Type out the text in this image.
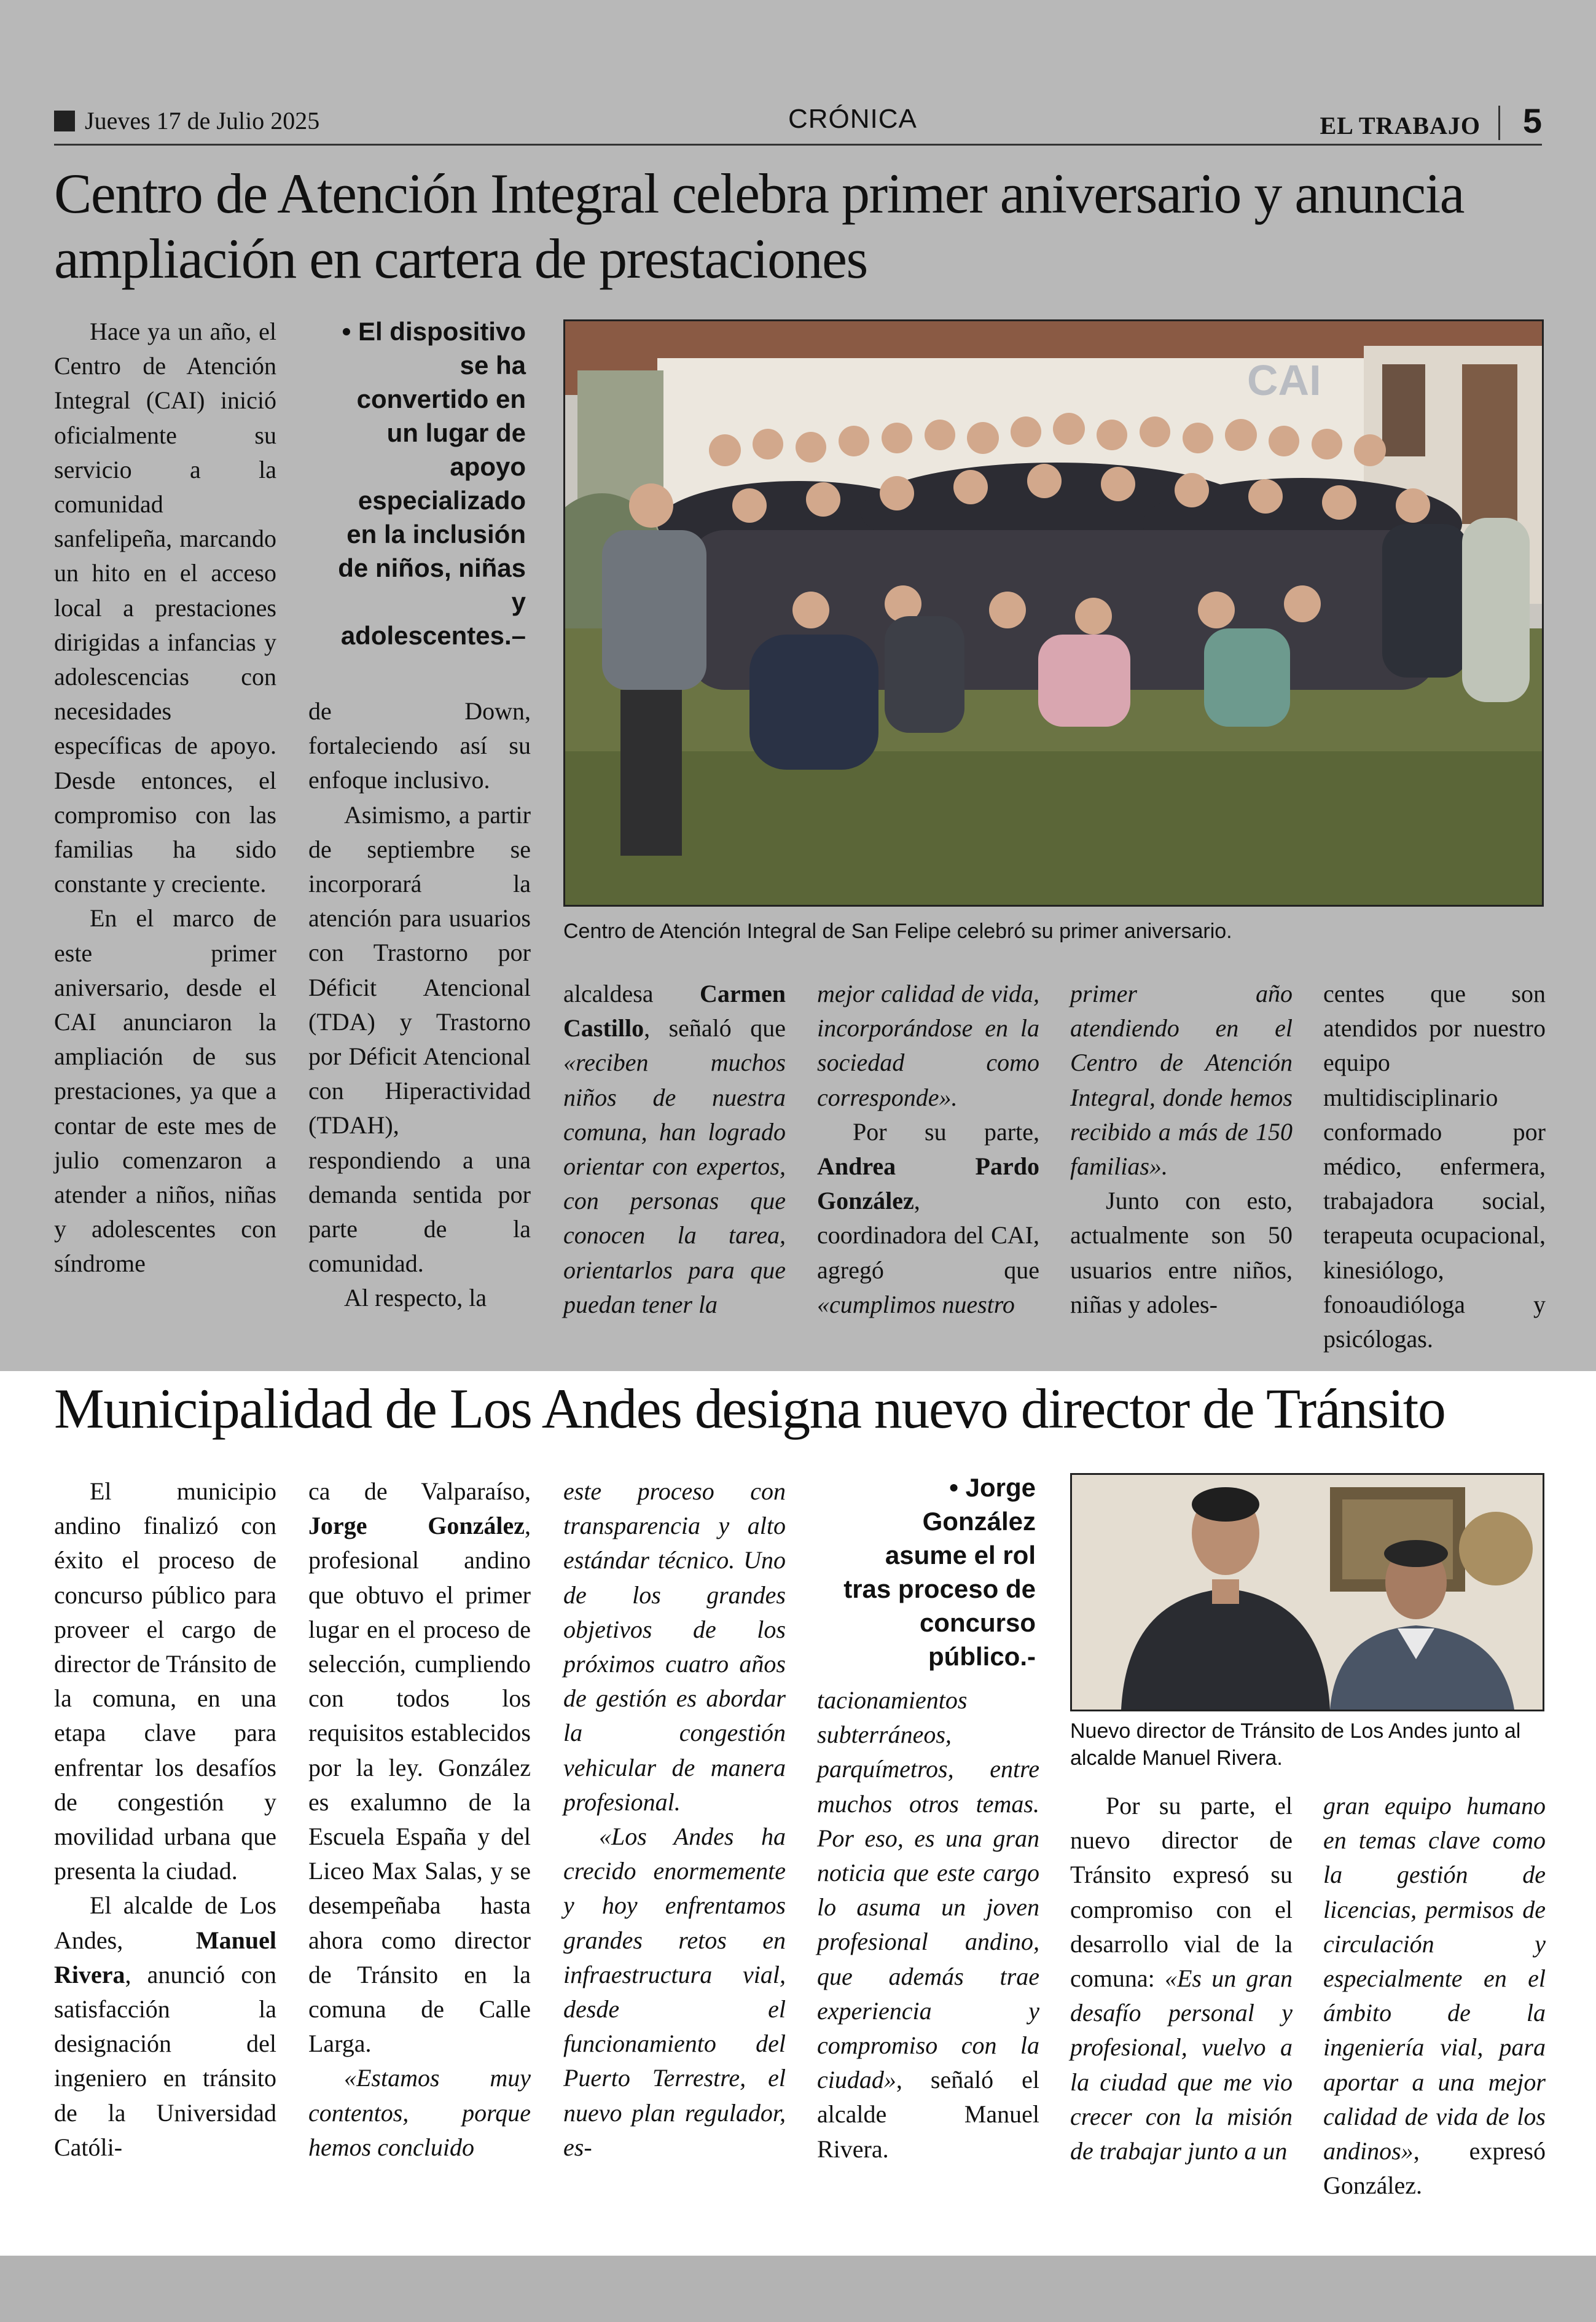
Jueves 17 de Julio 2025	CRÓNICA	EL TRABAJO 5
Centro de Atención Integral celebra primer aniversario y anuncia ampliación en cartera de prestaciones

Hace ya un año, el Centro de Atención Integral (CAI) inició oficialmente su servicio a la comunidad sanfelipeña, marcando un hito en el acceso local a prestaciones dirigidas a infancias y adolescencias con necesidades específicas de apoyo. Desde entonces, el compromiso con las familias ha sido constante y creciente.

En el marco de este primer aniversario, desde el CAI anunciaron la ampliación de sus prestaciones, ya que a contar de este mes de julio comenzaron a atender a niños, niñas y adolescentes con síndrome

• El dispositivo se ha convertido en un lugar de apoyo especializado en la inclusión de niños, niñas y adolescentes.–

de Down, fortaleciendo así su enfoque inclusivo.

Asimismo, a partir de septiembre se incorporará la atención para usuarios con Trastorno por Déficit Atencional (TDA) y Trastorno por Déficit Atencional con Hiperactividad (TDAH), respondiendo a una demanda sentida por parte de la comunidad.

Al respecto, la

CAI
Centro de Atención Integral de San Felipe celebró su primer aniversario.

alcaldesa Carmen Castillo, señaló que «reciben muchos niños de nuestra comuna, han logrado orientar con expertos, con personas que conocen la tarea, orientarlos para que puedan tener la

mejor calidad de vida, incorporándose en la sociedad como corresponde».

Por su parte, Andrea Pardo González, coordinadora del CAI, agregó que «cumplimos nuestro

primer año atendiendo en el Centro de Atención Integral, donde hemos recibido a más de 150 familias».

Junto con esto, actualmente son 50 usuarios entre niños, niñas y adoles-

centes que son atendidos por nuestro equipo multidisciplinario conformado por médico, enfermera, trabajadora social, terapeuta ocupacional, kinesiólogo, fonoaudióloga y psicólogas.

Municipalidad de Los Andes designa nuevo director de Tránsito

El municipio andino finalizó con éxito el proceso de concurso público para proveer el cargo de director de Tránsito de la comuna, en una etapa clave para enfrentar los desafíos de congestión y movilidad urbana que presenta la ciudad.

El alcalde de Los Andes,	Manuel Rivera, anunció con satisfacción la designación del ingeniero en tránsito de la Universidad Católi-

ca de Valparaíso, Jorge González, profesional andino que obtuvo el primer lugar en el proceso de selección, cumpliendo con todos los requisitos establecidos por la ley. González es exalumno de la Escuela España y del Liceo Max Salas, y se desempeñaba hasta ahora como director de Tránsito en la comuna de Calle Larga.

«Estamos muy contentos, porque hemos concluido

este proceso con transparencia y alto estándar técnico. Uno de los grandes objetivos de los próximos cuatro años de gestión es abordar la congestión vehicular de manera profesional.

«Los Andes ha crecido enormemente y hoy enfrentamos grandes retos en infraestructura vial, desde el funcionamiento del Puerto Terrestre, el nuevo plan regulador, es-

• Jorge González asume el rol tras proceso de concurso público.-

tacionamientos subterráneos, parquímetros, entre muchos otros temas. Por eso, es una gran noticia que este cargo lo asuma un joven profesional andino, que además trae experiencia y compromiso con la ciudad», señaló el alcalde Manuel Rivera.

Nuevo director de Tránsito de Los Andes junto al alcalde Manuel Rivera.

Por su parte, el nuevo director de Tránsito expresó su compromiso con el desarrollo vial de la comuna: «Es un gran desafío personal y profesional, vuelvo a la ciudad que me vio crecer con la misión de trabajar junto a un

gran equipo humano en temas clave como la gestión de licencias, permisos de circulación y especialmente en el ámbito de la ingeniería vial, para aportar a una mejor calidad de vida de los andinos», expresó González.
